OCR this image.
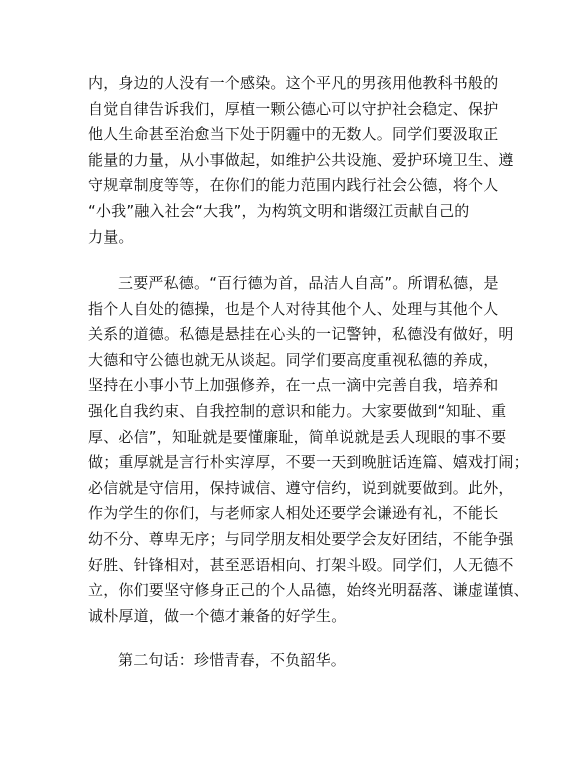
内，身边的人没有一个感染。这个平凡的男孩用他教科书般的
自觉自律告诉我们，厚植一颗公德心可以守护社会稳定、保护
他人生命甚至治愈当下处于阴霾中的无数人。同学们要汲取正
能量的力量，从小事做起，如维护公共设施、爱护环境卫生、遵
守规章制度等等，在你们的能力范围内践行社会公德，将个人
“小我”融入社会“大我”，为构筑文明和谐缀江贡献自己的
力量。
三要严私德。“百行德为首，品洁人自高”。所谓私德，是
指个人自处的德操，也是个人对待其他个人、处理与其他个人
关系的道德。私德是悬挂在心头的一记警钟，私德没有做好，明
大德和守公德也就无从谈起。同学们要高度重视私德的养成，
坚持在小事小节上加强修养，在一点一滴中完善自我，培养和
强化自我约束、自我控制的意识和能力。大家要做到“知耻、重
厚、必信”，知耻就是要懂廉耻，简单说就是丢人现眼的事不要
做；重厚就是言行朴实淳厚，不要一天到晚脏话连篇、嬉戏打闹；
必信就是守信用，保持诚信、遵守信约，说到就要做到。此外，
作为学生的你们，与老师家人相处还要学会谦逊有礼，不能长
幼不分、尊卑无序；与同学朋友相处要学会友好团结，不能争强
好胜、针锋相对，甚至恶语相向、打架斗殴。同学们，人无德不
立，你们要坚守修身正己的个人品德，始终光明磊落、谦虚谨慎、
诚朴厚道，做一个德才兼备的好学生。
第二句话：珍惜青春，不负韶华。
